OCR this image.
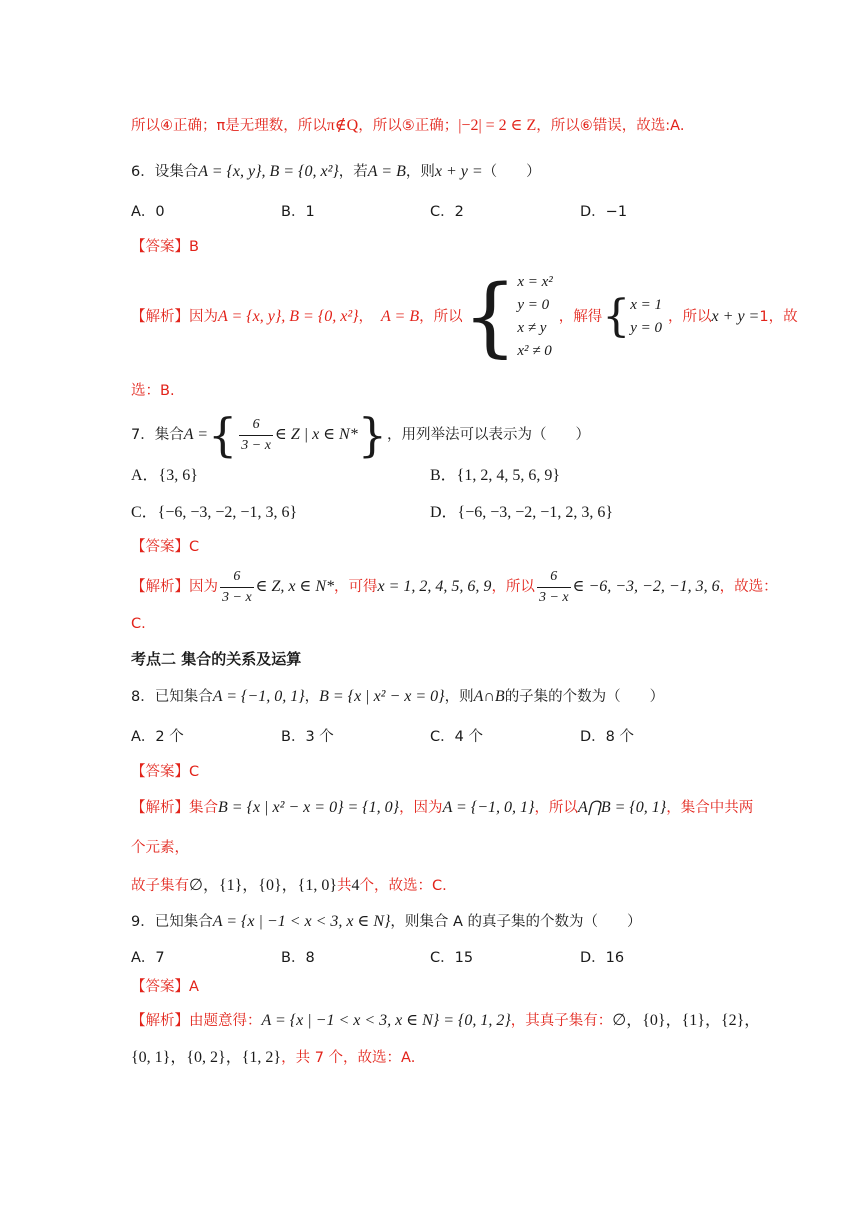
所以④正确；π是无理数，所以π∉Q，所以⑤正确；|−2| = 2 ∈ Z，所以⑥错误，故选:A.
6．设集合A = {x, y}, B = {0, x²}，若A = B，则x + y =（　　）
A．0	B．1	C．2	D．−1
【答案】B
【解析】因为 A = {x, y}, B = {0, x²} ， A = B ，所以 { x = x²
y = 0
x ≠ y
x² ≠ 0
，解得 { x = 1
y = 0
，所以 x + y = 1，故
选：B.
7．集合 A = { $\frac{6}{3 - x}$ ∈ Z | x ∈ N* } ，用列举法可以表示为（　　）
A．{3, 6}	B．{1, 2, 4, 5, 6, 9}
C．{−6, −3, −2, −1, 3, 6}	D．{−6, −3, −2, −1, 2, 3, 6}
【答案】C
【解析】因为 $\frac{6}{3 - x}$ ∈ Z, x ∈ N* ，可得 x = 1, 2, 4, 5, 6, 9 ，所以 $\frac{6}{3 - x}$ ∈ −6, −3, −2, −1, 3, 6 ，故选：
C.
考点二 集合的关系及运算
8．已知集合A = {−1, 0, 1}，B = {x | x² − x = 0}，则A∩B的子集的个数为（　　）
A．2 个	B．3 个	C．4 个	D．8 个
【答案】C
【解析】集合B = {x | x² − x = 0} = {1, 0}，因为A = {−1, 0, 1}，所以A⋂B = {0, 1}，集合中共两
个元素，
故子集有∅，{1}，{0}，{1, 0}共4个，故选：C.
9．已知集合A = {x | −1 < x < 3, x ∈ N}，则集合 A 的真子集的个数为（　　）
A．7	B．8	C．15	D．16
【答案】A
【解析】由题意得：A = {x | −1 < x < 3, x ∈ N} = {0, 1, 2}，其真子集有：∅，{0}，{1}，{2}，
{0, 1}，{0, 2}，{1, 2}，共 7 个，故选：A.
